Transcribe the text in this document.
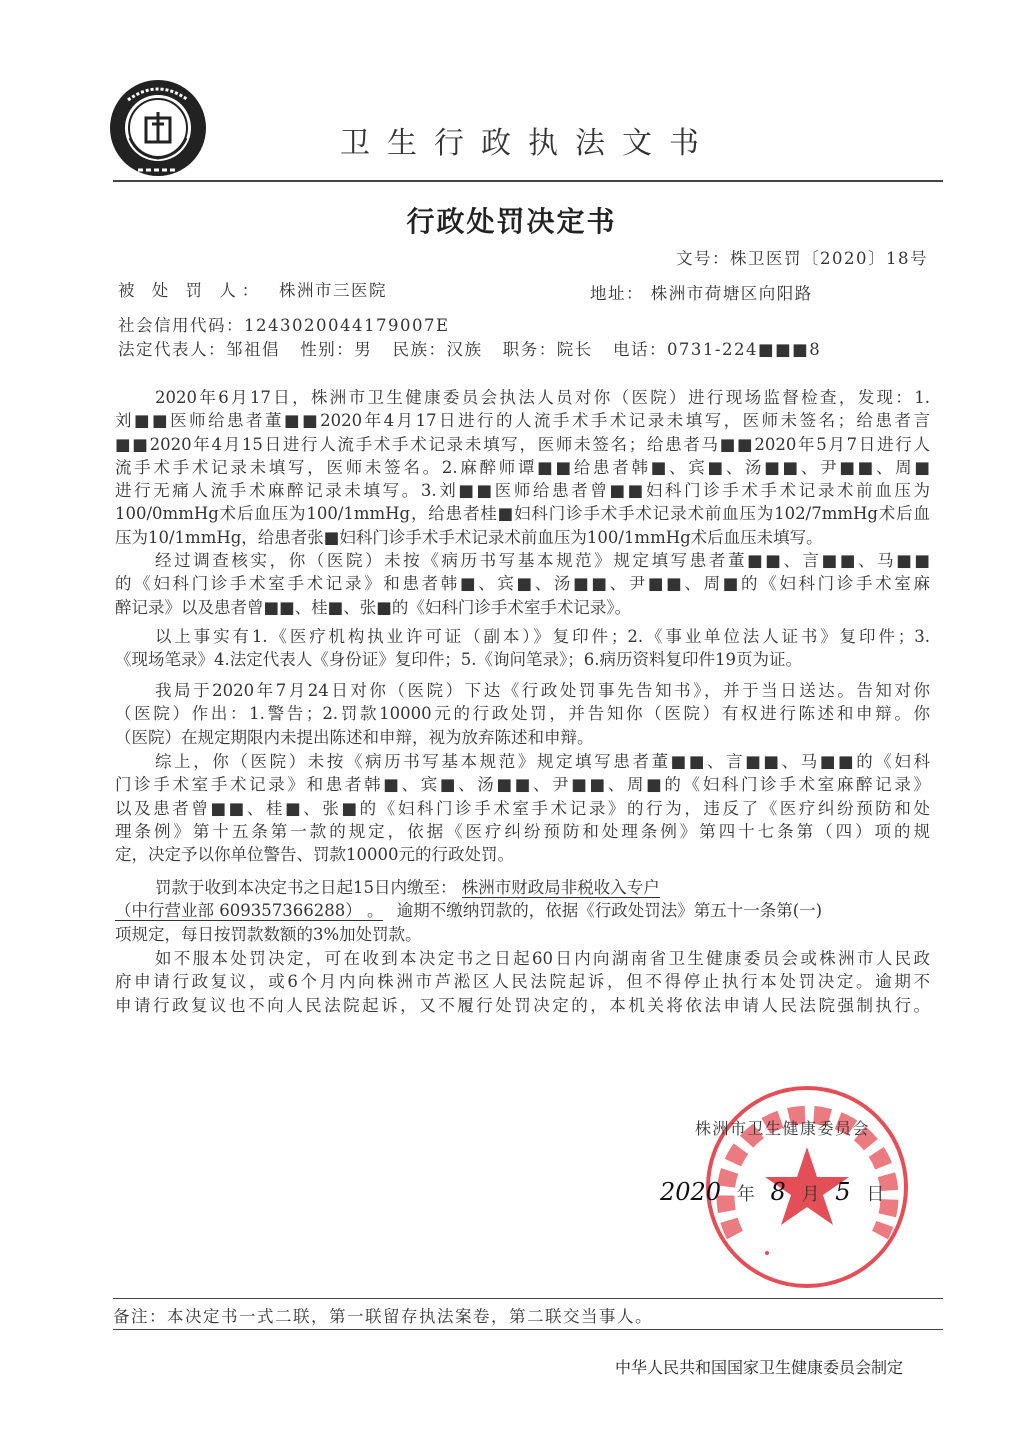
卫生行政执法文书
行政处罚决定书
文号：株卫医罚〔2020〕18号
被 处 罚 人： 株洲市三医院	地址： 株洲市荷塘区向阳路
社会信用代码：1243020044179007E
法定代表人：邹祖倡   性别：男   民族：汉族   职务：院长   电话：0731-224■■■8
2020年6月17日，株洲市卫生健康委员会执法人员对你（医院）进行现场监督检查，发现：1.
刘■■医师给患者董■■2020年4月17日进行的人流手术手术记录未填写，医师未签名；给患者言
■■2020年4月15日进行人流手术手术记录未填写，医师未签名；给患者马■■2020年5月7日进行人
流手术手术记录未填写，医师未签名。2.麻醉师谭■■给患者韩■、宾■、汤■■、尹■■、周■
进行无痛人流手术麻醉记录未填写。3.刘■■医师给患者曾■■妇科门诊手术手术记录术前血压为
100/0mmHg术后血压为100/1mmHg，给患者桂■妇科门诊手术手术记录术前血压为102/7mmHg术后血
压为10/1mmHg，给患者张■妇科门诊手术手术记录术前血压为100/1mmHg术后血压未填写。
经过调查核实，你（医院）未按《病历书写基本规范》规定填写患者董■■、言■■、马■■
的《妇科门诊手术室手术记录》和患者韩■、宾■、汤■■、尹■■、周■的《妇科门诊手术室麻
醉记录》以及患者曾■■、桂■、张■的《妇科门诊手术室手术记录》。
以上事实有1.《医疗机构执业许可证（副本）》复印件；2.《事业单位法人证书》复印件；3.
《现场笔录》4.法定代表人《身份证》复印件；5.《询问笔录》；6.病历资料复印件19页为证。
我局于2020年7月24日对你（医院）下达《行政处罚事先告知书》，并于当日送达。告知对你
（医院）作出：1.警告；2.罚款10000元的行政处罚，并告知你（医院）有权进行陈述和申辩。你
（医院）在规定期限内未提出陈述和申辩，视为放弃陈述和申辩。
综上，你（医院）未按《病历书写基本规范》规定填写患者董■■、言■■、马■■的《妇科
门诊手术室手术记录》和患者韩■、宾■、汤■■、尹■■、周■的《妇科门诊手术室麻醉记录》
以及患者曾■■、桂■、张■的《妇科门诊手术室手术记录》的行为，违反了《医疗纠纷预防和处
理条例》第十五条第一款的规定，依据《医疗纠纷预防和处理条例》第四十七条第（四）项的规
定，决定予以你单位警告、罚款10000元的行政处罚。
罚款于收到本决定书之日起15日内缴至： 株洲市财政局非税收入专户
（中行营业部 609357366288） 。 逾期不缴纳罚款的，依据《行政处罚法》第五十一条第(一)
项规定，每日按罚款数额的3%加处罚款。
如不服本处罚决定，可在收到本决定书之日起60日内向湖南省卫生健康委员会或株洲市人民政
府申请行政复议，或6个月内向株洲市芦淞区人民法院起诉，但不得停止执行本处罚决定。逾期不
申请行政复议也不向人民法院起诉，又不履行处罚决定的，本机关将依法申请人民法院强制执行。
株洲市卫生健康委员会
2020 年 8 月 5 日
备注：本决定书一式二联，第一联留存执法案卷，第二联交当事人。
中华人民共和国国家卫生健康委员会制定
